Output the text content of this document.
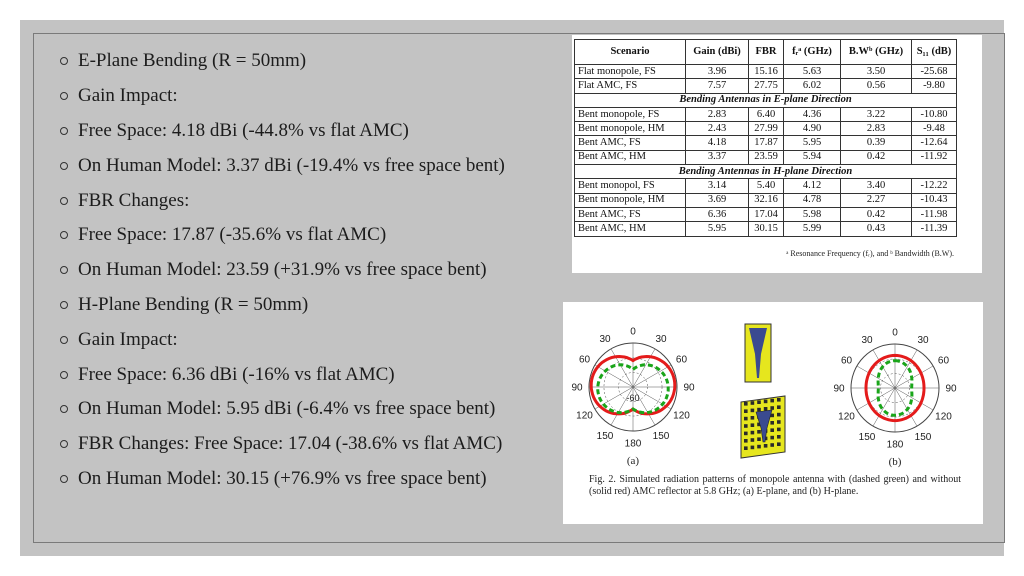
E-Plane Bending (R = 50mm)
Gain Impact:
Free Space: 4.18 dBi (-44.8% vs flat AMC)
On Human Model: 3.37 dBi (-19.4% vs free space bent)
FBR Changes:
Free Space: 17.87 (-35.6% vs flat AMC)
On Human Model: 23.59 (+31.9% vs free space bent)
H-Plane Bending (R = 50mm)
Gain Impact:
Free Space: 6.36 dBi (-16% vs flat AMC)
On Human Model: 5.95 dBi (-6.4% vs free space bent)
FBR Changes: Free Space: 17.04 (-38.6% vs flat AMC)
On Human Model: 30.15 (+76.9% vs free space bent)
Scenario	Gain (dBi)	FBR	fᵣᵃ (GHz)	B.Wᵇ (GHz)	S₁₁ (dB)
Flat monopole, FS	3.96	15.16	5.63	3.50	-25.68
Flat AMC, FS	7.57	27.75	6.02	0.56	-9.80
Bending Antennas in E-plane Direction					
Bent monopole, FS	2.83	6.40	4.36	3.22	-10.80
Bent monopole, HM	2.43	27.99	4.90	2.83	-9.48
Bent AMC, FS	4.18	17.87	5.95	0.39	-12.64
Bent AMC, HM	3.37	23.59	5.94	0.42	-11.92
Bending Antennas in H-plane Direction					
Bent monopol, FS	3.14	5.40	4.12	3.40	-12.22
Bent monopole, HM	3.69	32.16	4.78	2.27	-10.43
Bent AMC, FS	6.36	17.04	5.98	0.42	-11.98
Bent AMC, HM	5.95	30.15	5.99	0.43	-11.39
ᵃ Resonance Frequency (fᵣ), and ᵇ Bandwidth (B.W).
0
30
30
60
60
90
90
120
120
150
150
180
(a)
-60
0
30
30
60
60
90
90
120
120
150
150
180
(b)
Fig. 2. Simulated radiation patterns of monopole antenna with (dashed green) and without (solid red) AMC reflector at 5.8 GHz; (a) E-plane, and (b) H-plane.
